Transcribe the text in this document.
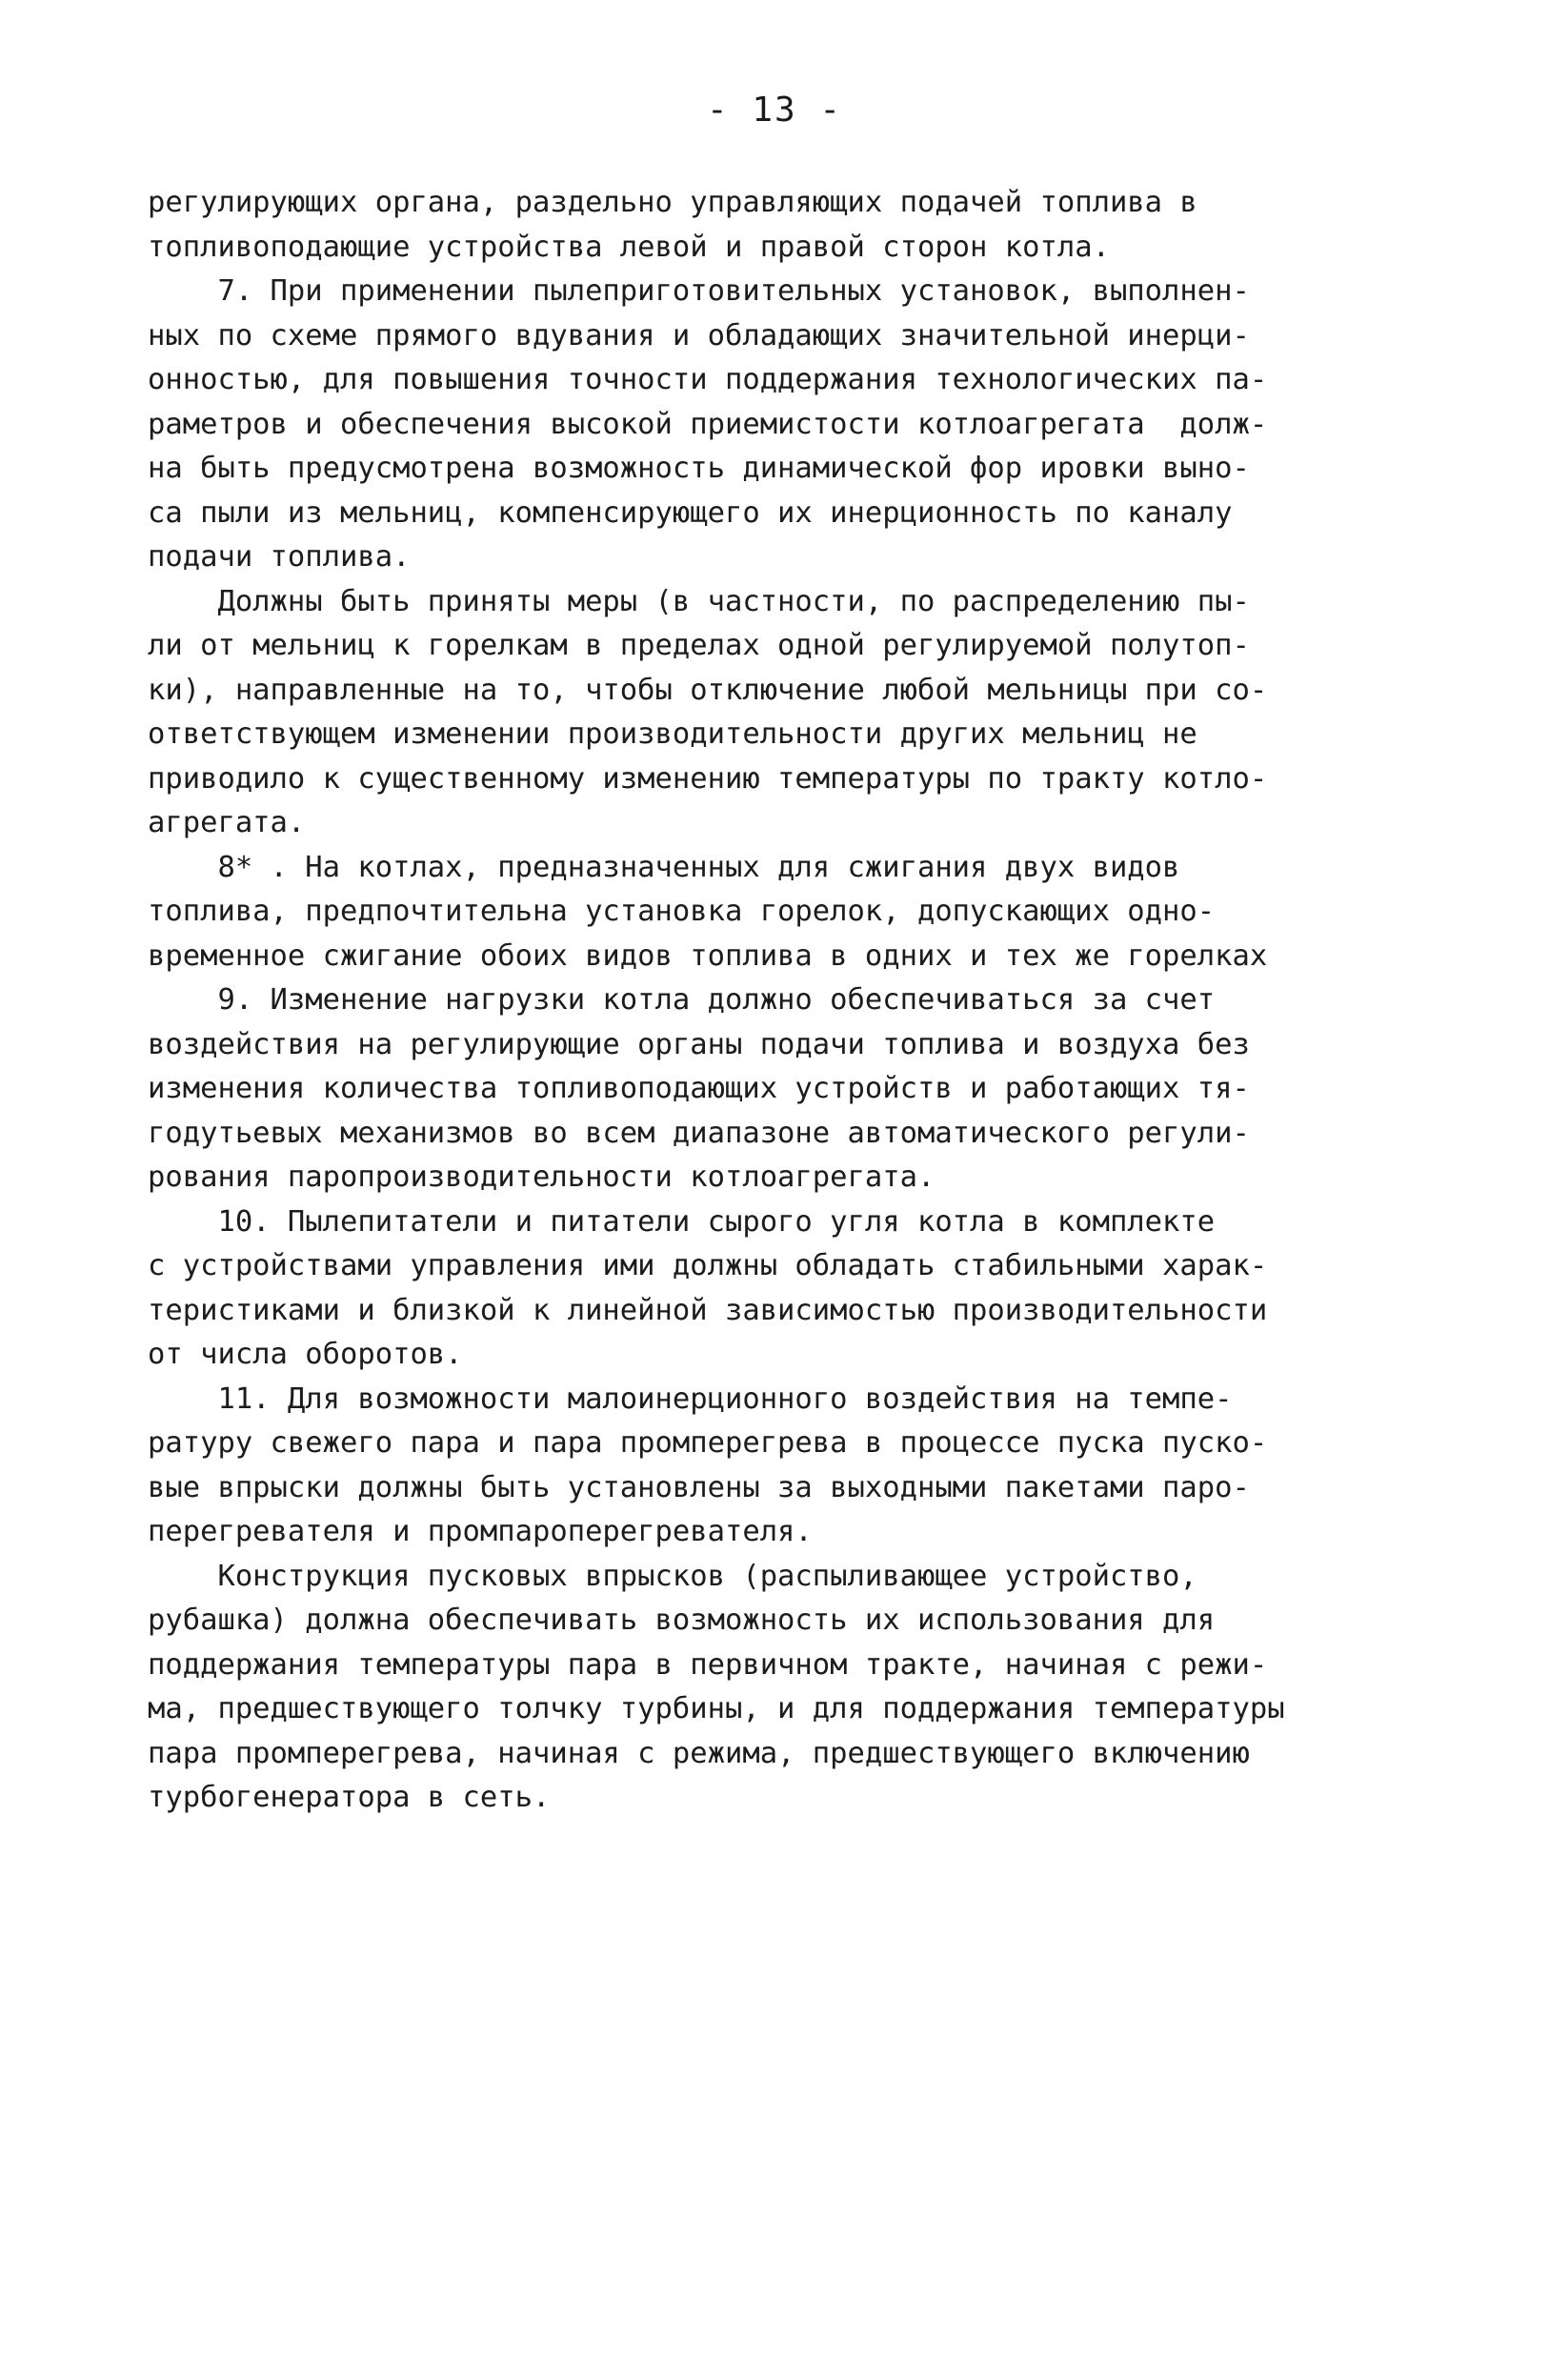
- 13 -
регулирующих органа, раздельно управляющих подачей топлива в
топливоподающие устройства левой и правой сторон котла.
7. При применении пылеприготовительных установок, выполнен-
ных по схеме прямого вдувания и обладающих значительной инерци-
онностью, для повышения точности поддержания технологических па-
раметров и обеспечения высокой приемистости котлоагрегата  долж-
на быть предусмотрена возможность динамической фор ировки выно-
са пыли из мельниц, компенсирующего их инерционность по каналу
подачи топлива.
Должны быть приняты меры (в частности, по распределению пы-
ли от мельниц к горелкам в пределах одной регулируемой полутоп-
ки), направленные на то, чтобы отключение любой мельницы при со-
ответствующем изменении производительности других мельниц не
приводило к существенному изменению температуры по тракту котло-
агрегата.
8* . На котлах, предназначенных для сжигания двух видов
топлива, предпочтительна установка горелок, допускающих одно-
временное сжигание обоих видов топлива в одних и тех же горелках
9. Изменение нагрузки котла должно обеспечиваться за счет
воздействия на регулирующие органы подачи топлива и воздуха без
изменения количества топливоподающих устройств и работающих тя-
годутьевых механизмов во всем диапазоне автоматического регули-
рования паропроизводительности котлоагрегата.
10. Пылепитатели и питатели сырого угля котла в комплекте
с устройствами управления ими должны обладать стабильными харак-
теристиками и близкой к линейной зависимостью производительности
от числа оборотов.
11. Для возможности малоинерционного воздействия на темпе-
ратуру свежего пара и пара промперегрева в процессе пуска пуско-
вые впрыски должны быть установлены за выходными пакетами паро-
перегревателя и промпароперегревателя.
Конструкция пусковых впрысков (распыливающее устройство,
рубашка) должна обеспечивать возможность их использования для
поддержания температуры пара в первичном тракте, начиная с режи-
ма, предшествующего толчку турбины, и для поддержания температуры
пара промперегрева, начиная с режима, предшествующего включению
турбогенератора в сеть.
